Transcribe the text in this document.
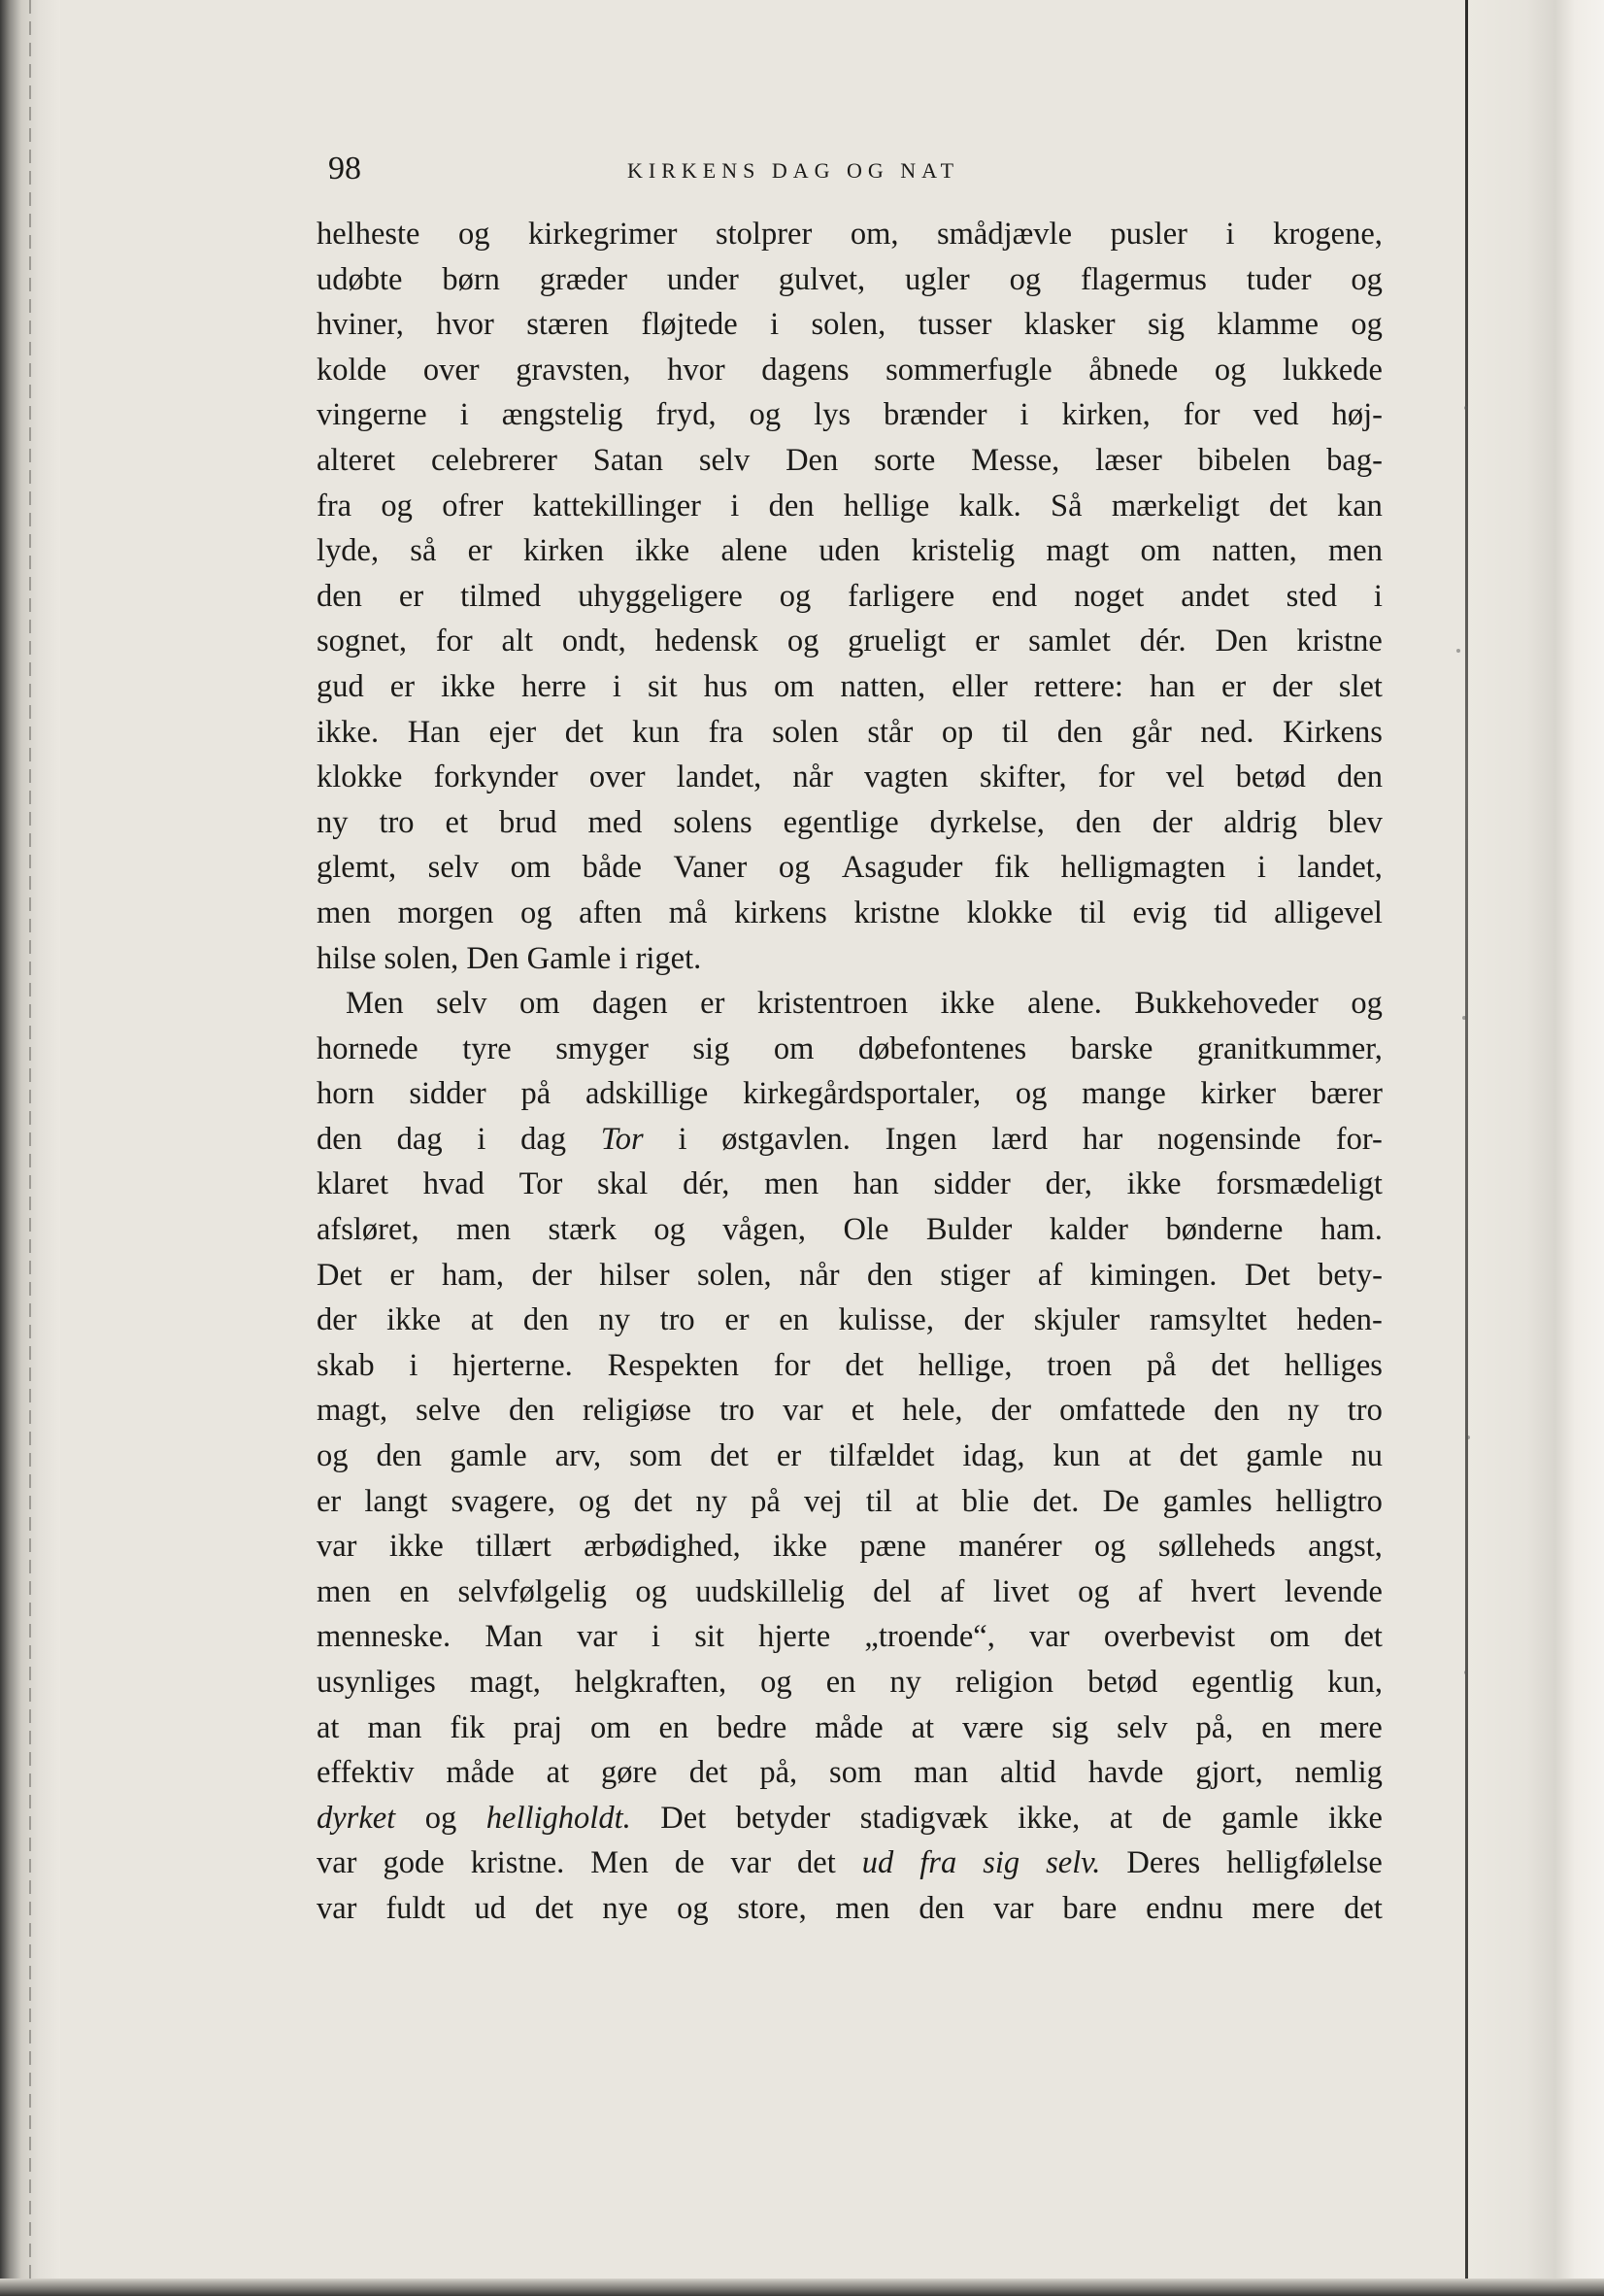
98	KIRKENS DAG OG NAT
helheste og kirkegrimer stolprer om, smådjævle pusler i krogene,
udøbte børn græder under gulvet, ugler og flagermus tuder og
hviner, hvor stæren fløjtede i solen, tusser klasker sig klamme og
kolde over gravsten, hvor dagens sommerfugle åbnede og lukkede
vingerne i ængstelig fryd, og lys brænder i kirken, for ved høj-
alteret celebrerer Satan selv Den sorte Messe, læser bibelen bag-
fra og ofrer kattekillinger i den hellige kalk. Så mærkeligt det kan
lyde, så er kirken ikke alene uden kristelig magt om natten, men
den er tilmed uhyggeligere og farligere end noget andet sted i
sognet, for alt ondt, hedensk og grueligt er samlet dér. Den kristne
gud er ikke herre i sit hus om natten, eller rettere: han er der slet
ikke. Han ejer det kun fra solen står op til den går ned. Kirkens
klokke forkynder over landet, når vagten skifter, for vel betød den
ny tro et brud med solens egentlige dyrkelse, den der aldrig blev
glemt, selv om både Vaner og Asaguder fik helligmagten i landet,
men morgen og aften må kirkens kristne klokke til evig tid alligevel
hilse solen, Den Gamle i riget.
Men selv om dagen er kristentroen ikke alene. Bukkehoveder og
hornede tyre smyger sig om døbefontenes barske granitkummer,
horn sidder på adskillige kirkegårdsportaler, og mange kirker bærer
den dag i dag Tor i østgavlen. Ingen lærd har nogensinde for-
klaret hvad Tor skal dér, men han sidder der, ikke forsmædeligt
afsløret, men stærk og vågen, Ole Bulder kalder bønderne ham.
Det er ham, der hilser solen, når den stiger af kimingen. Det bety-
der ikke at den ny tro er en kulisse, der skjuler ramsyltet heden-
skab i hjerterne. Respekten for det hellige, troen på det helliges
magt, selve den religiøse tro var et hele, der omfattede den ny tro
og den gamle arv, som det er tilfældet idag, kun at det gamle nu
er langt svagere, og det ny på vej til at blie det. De gamles helligtro
var ikke tillært ærbødighed, ikke pæne manérer og sølleheds angst,
men en selvfølgelig og uudskillelig del af livet og af hvert levende
menneske. Man var i sit hjerte „troende“, var overbevist om det
usynliges magt, helgkraften, og en ny religion betød egentlig kun,
at man fik praj om en bedre måde at være sig selv på, en mere
effektiv måde at gøre det på, som man altid havde gjort, nemlig
dyrket og helligholdt. Det betyder stadigvæk ikke, at de gamle ikke
var gode kristne. Men de var det ud fra sig selv. Deres helligfølelse
var fuldt ud det nye og store, men den var bare endnu mere det
